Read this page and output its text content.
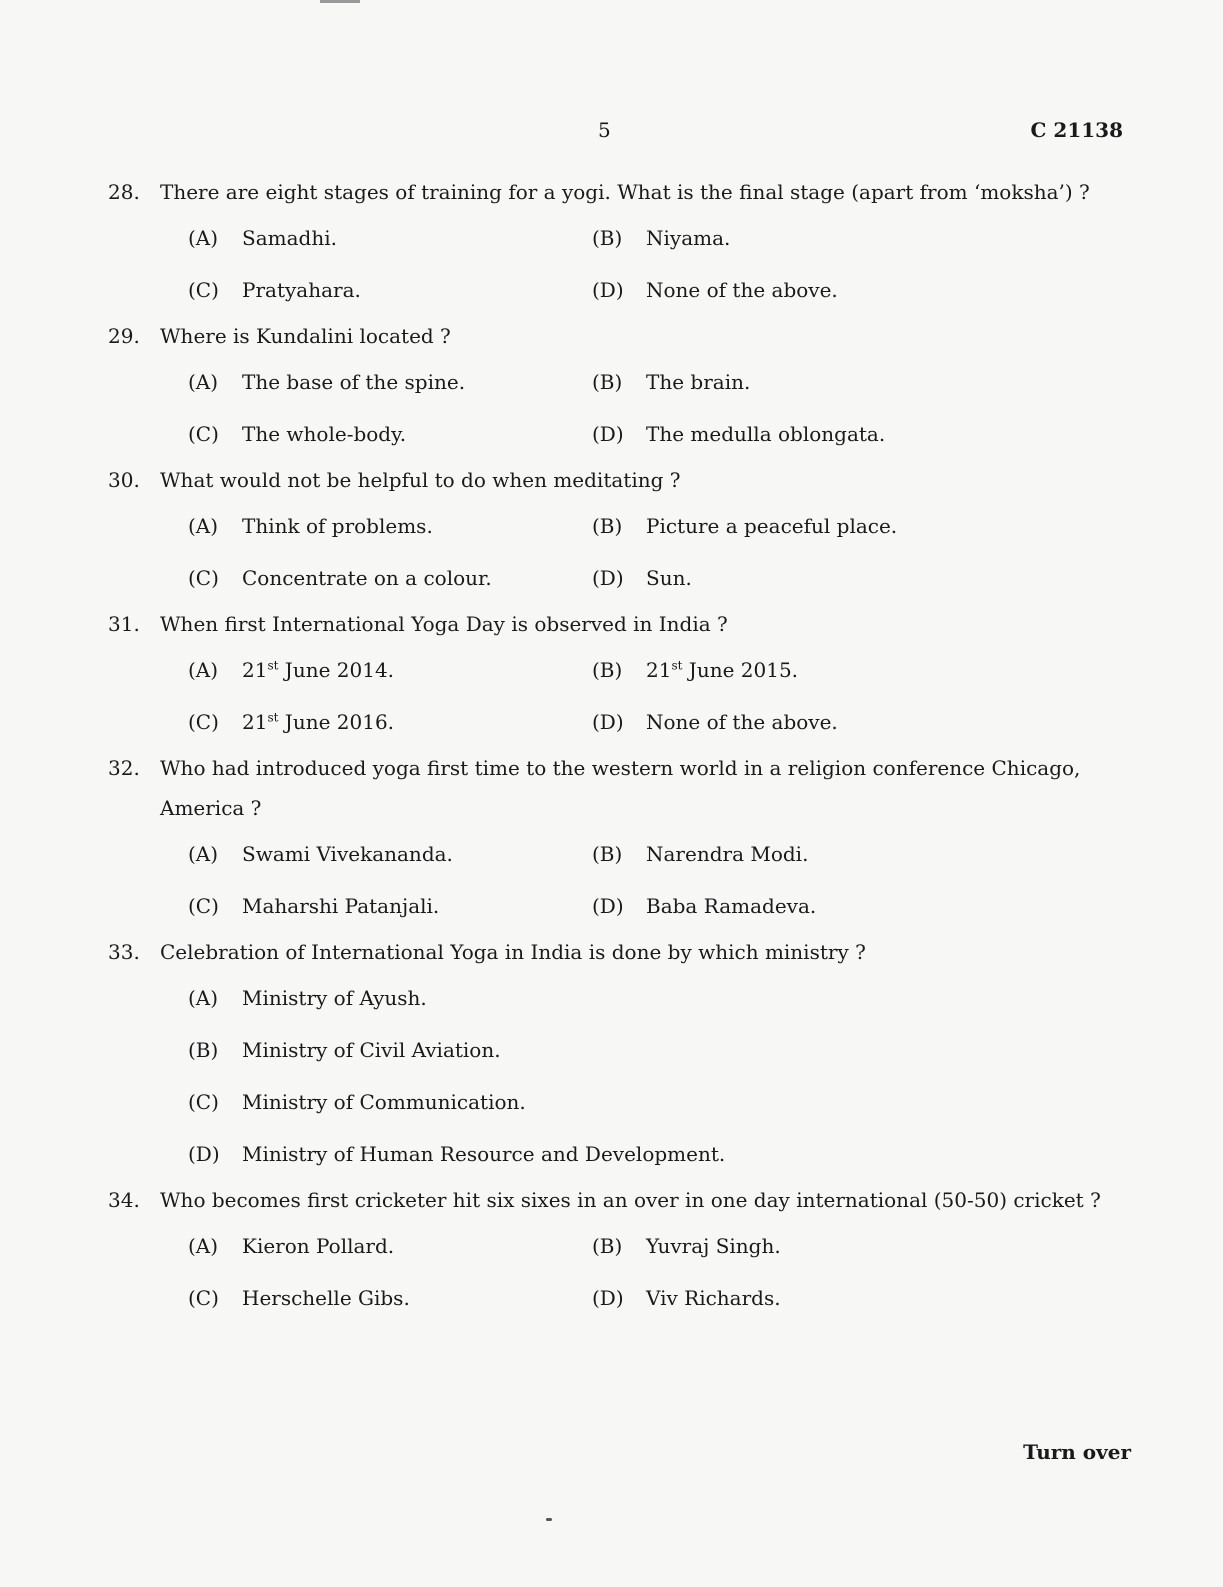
5	C 21138
28.	There are eight stages of training for a yogi. What is the final stage (apart from ‘moksha’) ?
(A)	Samadhi.	(B)	Niyama.
(C)	Pratyahara.	(D)	None of the above.
29.	Where is Kundalini located ?
(A)	The base of the spine.	(B)	The brain.
(C)	The whole-body.	(D)	The medulla oblongata.
30.	What would not be helpful to do when meditating ?
(A)	Think of problems.	(B)	Picture a peaceful place.
(C)	Concentrate on a colour.	(D)	Sun.
31.	When first International Yoga Day is observed in India ?
(A)	21st June 2014.	(B)	21st June 2015.
(C)	21st June 2016.	(D)	None of the above.
32.	Who had introduced yoga first time to the western world in a religion conference Chicago, America ?
(A)	Swami Vivekananda.	(B)	Narendra Modi.
(C)	Maharshi Patanjali.	(D)	Baba Ramadeva.
33.	Celebration of International Yoga in India is done by which ministry ?
(A)	Ministry of Ayush.
(B)	Ministry of Civil Aviation.
(C)	Ministry of Communication.
(D)	Ministry of Human Resource and Development.
34.	Who becomes first cricketer hit six sixes in an over in one day international (50-50) cricket ?
(A)	Kieron Pollard.	(B)	Yuvraj Singh.
(C)	Herschelle Gibs.	(D)	Viv Richards.
Turn over
